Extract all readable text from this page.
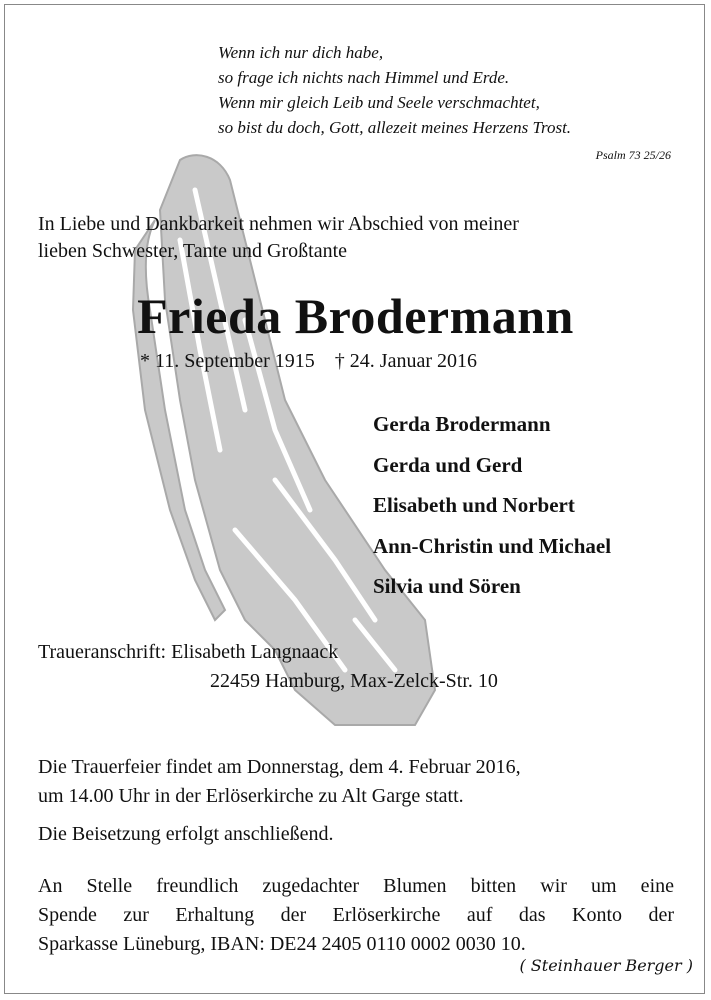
Wenn ich nur dich habe,
so frage ich nichts nach Himmel und Erde.
Wenn mir gleich Leib und Seele verschmachtet,
so bist du doch, Gott, allezeit meines Herzens Trost.
Psalm 73 25/26
In Liebe und Dankbarkeit nehmen wir Abschied von meiner
lieben Schwester, Tante und Großtante
Frieda Brodermann
* 11. September 1915 † 24. Januar 2016
Gerda Brodermann
Gerda und Gerd
Elisabeth und Norbert
Ann-Christin und Michael
Silvia und Sören
Traueranschrift: Elisabeth Langnaack
22459 Hamburg, Max-Zelck-Str. 10
Die Trauerfeier findet am Donnerstag, dem 4. Februar 2016,
um 14.00 Uhr in der Erlöserkirche zu Alt Garge statt.
Die Beisetzung erfolgt anschließend.
An Stelle freundlich zugedachter Blumen bitten wir um eine
Spende zur Erhaltung der Erlöserkirche auf das Konto der
Sparkasse Lüneburg, IBAN: DE24 2405 0110 0002 0030 10.
( Steinhauer Berger )
